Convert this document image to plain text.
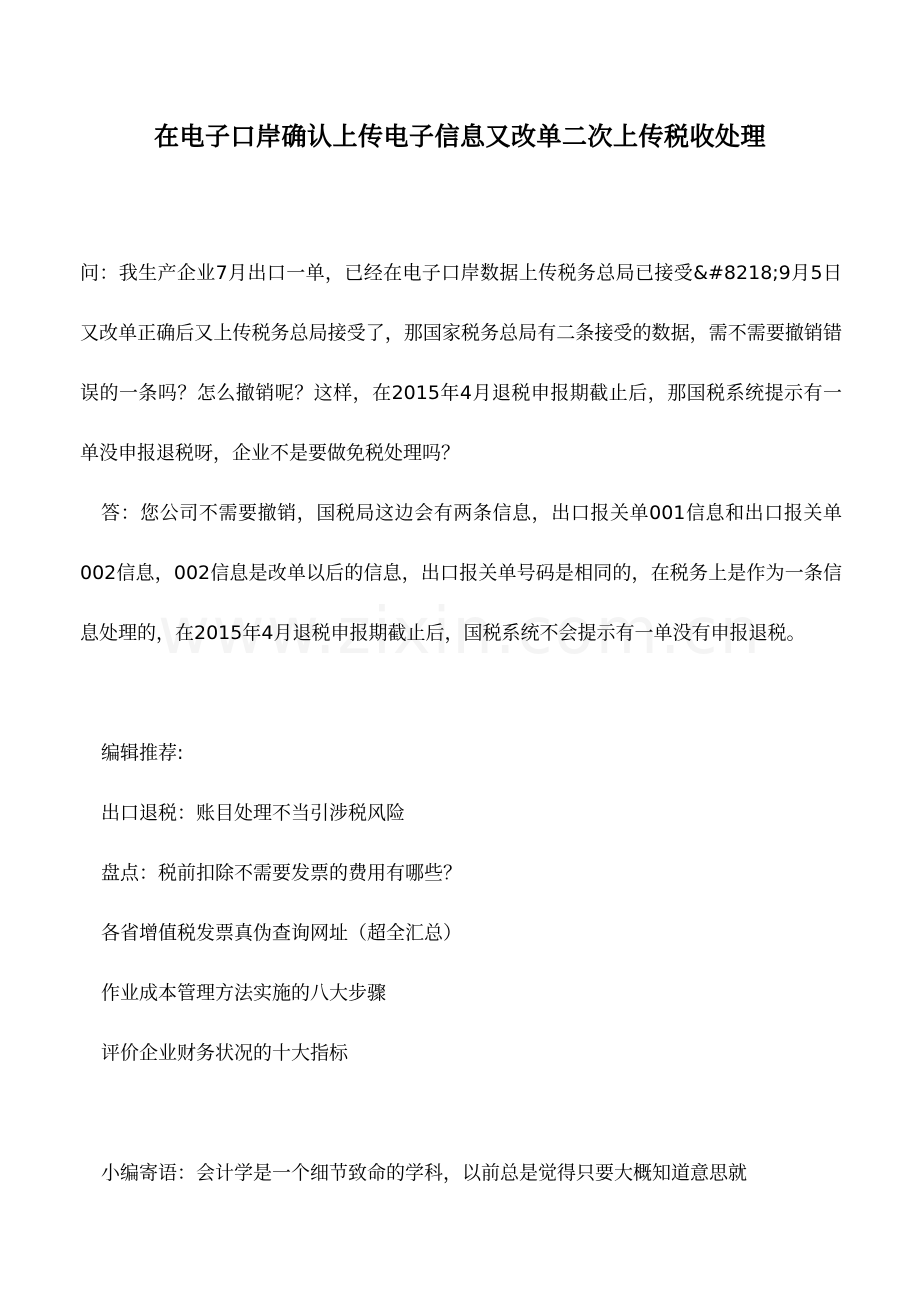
在电子口岸确认上传电子信息又改单二次上传税收处理
问：我生产企业7月出口一单，已经在电子口岸数据上传税务总局已接受&#8218;9月5日又改单正确后又上传税务总局接受了，那国家税务总局有二条接受的数据，需不需要撤销错误的一条吗？怎么撤销呢？这样，在2015年4月退税申报期截止后，那国税系统提示有一单没申报退税呀，企业不是要做免税处理吗？
答：您公司不需要撤销，国税局这边会有两条信息，出口报关单001信息和出口报关单002信息，002信息是改单以后的信息，出口报关单号码是相同的，在税务上是作为一条信息处理的，在2015年4月退税申报期截止后，国税系统不会提示有一单没有申报退税。
编辑推荐:
出口退税：账目处理不当引涉税风险
盘点：税前扣除不需要发票的费用有哪些？
各省增值税发票真伪查询网址（超全汇总）
作业成本管理方法实施的八大步骤
评价企业财务状况的十大指标
小编寄语：会计学是一个细节致命的学科，以前总是觉得只要大概知道意思就
